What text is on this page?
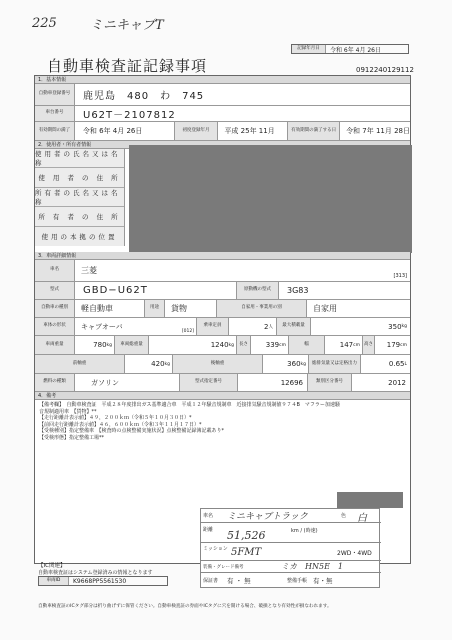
225	ミニキャブT
記録年月日	令和 6年 4月 26日
自動車検査証記録事項	0912240129112
1．基本情報
自動車登録番号	鹿児島　480　わ　745
車台番号	U62T－2107812
有効期間の満了	令和 6年 4月 26日	初度登録年月	平成 25年 11月	有効期間の満了する日	令和 7年 11月 28日
2．使用者・所有者情報
使用者の氏名又は名称
使 用 者 の 住 所
所有者の氏名又は名称
所 有 者 の 住 所
使用の本拠の位置
3．車両詳細情報
車名	三菱
[313]
型式	GBD−U62T	原動機の型式	3G83
自動車の種別	軽自動車	用途	貨物	自家用・事業用の別	自家用
車体の形状	キャブオーバ
[012]
乗車定員	2 人	最大積載量	350 kg
車両重量	780 kg	車両総重量	1240 kg	長さ	339 cm	幅	147 cm 高さ 179 cm
前軸重	420 kg	後軸重	360 kg	総排気量又は定格出力	0.65 L
燃料の種類	ガソリン	型式指定番号	12696	類別区分番号	2012
4．備考
【備考欄】　自動車検査証　平成２８年度排出ガス基準適合車　平成１２年騒音規制車　近接排気騒音規制値９７４B　マフラー加速騒
音規制適用車　【貨物】**
【走行距離計表示値】４９，２００ｋｍ（令和５年１０月３０日）*
【前回走行距離計表示値】４６，６００ｋｍ（令和３年１１月１７日）*
【受検種別】指定整備車　【検査時の点検整備実施状況】点検整備記録簿記載あり*
【受検形態】指定整備工場**
車名 ミニキャブトラック	色 白
距離 51,526	km / (時速)
ミッション 5FMT	2WD・4WD
装備・グレード備考	ミカ　HN5E　1
保証書 有 ・ 無	整備手帳 有・無
【IC関連】
自動車検査証はシステム登録済みの情報となります
車両ID	K9668PP5561530
自動車検査証のICタグ部分は折り曲げずに保管ください。自動車検査証の券面やICタグに穴を開ける場合、破損となり有効性が損なわれます。
